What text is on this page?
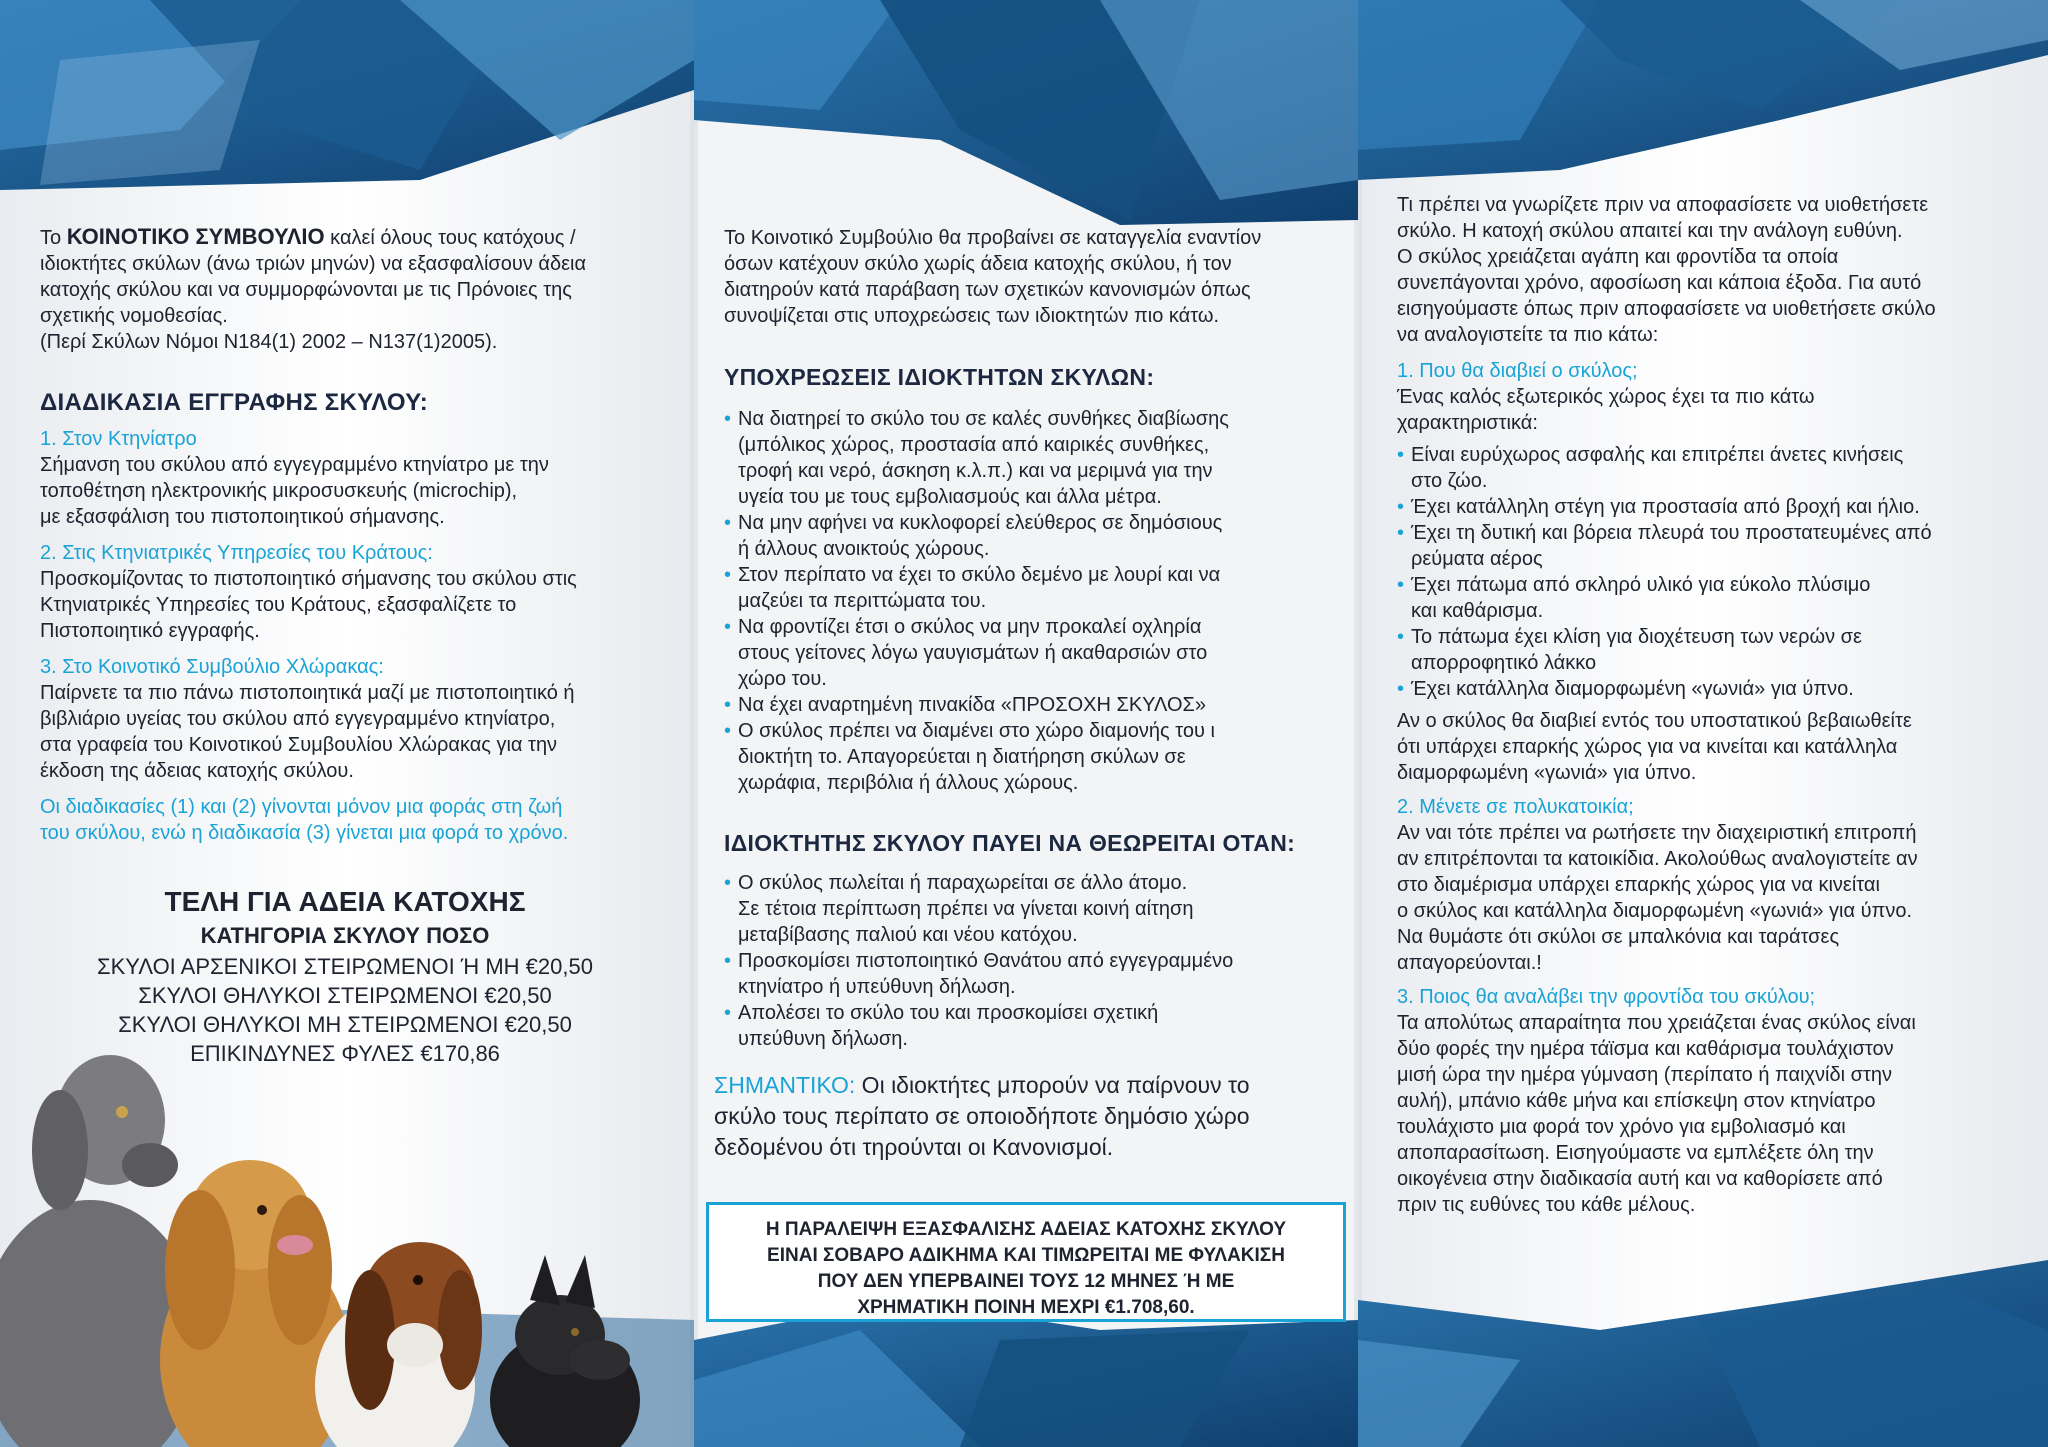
Το ΚΟΙΝΟΤΙΚΟ ΣΥΜΒΟΥΛΙΟ καλεί όλους τους κατόχους /

ιδιοκτήτες σκύλων (άνω τριών μηνών) να εξασφαλίσουν άδεια

κατοχής σκύλου και να συμμορφώνονται με τις Πρόνοιες της

σχετικής νομοθεσίας.

(Περί Σκύλων Νόμοι Ν184(1) 2002 – Ν137(1)2005).

ΔΙΑΔΙΚΑΣΙΑ ΕΓΓΡΑΦΗΣ ΣΚΥΛΟΥ:

1. Στον Κτηνίατρο

Σήμανση του σκύλου από εγγεγραμμένο κτηνίατρο με την

τοποθέτηση ηλεκτρονικής μικροσυσκευής (microchip),

με εξασφάλιση του πιστοποιητικού σήμανσης.

2. Στις Κτηνιατρικές Υπηρεσίες του Κράτους:

Προσκομίζοντας το πιστοποιητικό σήμανσης του σκύλου στις

Κτηνιατρικές Υπηρεσίες του Κράτους, εξασφαλίζετε το

Πιστοποιητικό εγγραφής.

3. Στο Κοινοτικό Συμβούλιο Χλώρακας:

Παίρνετε τα πιο πάνω πιστοποιητικά μαζί με πιστοποιητικό ή

βιβλιάριο υγείας του σκύλου από εγγεγραμμένο κτηνίατρο,

στα γραφεία του Κοινοτικού Συμβουλίου Χλώρακας για την

έκδοση της άδειας κατοχής σκύλου.

Οι διαδικασίες (1) και (2) γίνονται μόνον μια φοράς στη ζωή

του σκύλου, ενώ η διαδικασία (3) γίνεται μια φορά το χρόνο.

ΤΕΛΗ ΓΙΑ ΑΔΕΙΑ ΚΑΤΟΧΗΣ
ΚΑΤΗΓΟΡΙΑ ΣΚΥΛΟΥ ΠΟΣΟ
ΣΚΥΛΟΙ ΑΡΣΕΝΙΚΟΙ ΣΤΕΙΡΩΜΕΝΟΙ Ή ΜΗ €20,50
ΣΚΥΛΟΙ ΘΗΛΥΚΟΙ ΣΤΕΙΡΩΜΕΝΟΙ €20,50
ΣΚΥΛΟΙ ΘΗΛΥΚΟΙ ΜΗ ΣΤΕΙΡΩΜΕΝΟΙ €20,50
ΕΠΙΚΙΝΔΥΝΕΣ ΦΥΛΕΣ €170,86

Το Κοινοτικό Συμβούλιο θα προβαίνει σε καταγγελία εναντίον

όσων κατέχουν σκύλο χωρίς άδεια κατοχής σκύλου, ή τον

διατηρούν κατά παράβαση των σχετικών κανονισμών όπως

συνοψίζεται στις υποχρεώσεις των ιδιοκτητών πιο κάτω.

ΥΠΟΧΡΕΩΣΕΙΣ ΙΔΙΟΚΤΗΤΩΝ ΣΚΥΛΩΝ:
• Να διατηρεί το σκύλο του σε καλές συνθήκες διαβίωσης
(μπόλικος χώρος, προστασία από καιρικές συνθήκες,
τροφή και νερό, άσκηση κ.λ.π.) και να μεριμνά για την
υγεία του με τους εμβολιασμούς και άλλα μέτρα.
• Να μην αφήνει να κυκλοφορεί ελεύθερος σε δημόσιους
ή άλλους ανοικτούς χώρους.
• Στον περίπατο να έχει το σκύλο δεμένο με λουρί και να
μαζεύει τα περιττώματα του.
• Να φροντίζει έτσι ο σκύλος να μην προκαλεί οχληρία
στους γείτονες λόγω γαυγισμάτων ή ακαθαρσιών στο
χώρο του.
• Να έχει αναρτημένη πινακίδα «ΠΡΟΣΟΧΗ ΣΚΥΛΟΣ»
• Ο σκύλος πρέπει να διαμένει στο χώρο διαμονής του ι
διοκτήτη το. Απαγορεύεται η διατήρηση σκύλων σε
χωράφια, περιβόλια ή άλλους χώρους.
ΙΔΙΟΚΤΗΤΗΣ ΣΚΥΛΟΥ ΠΑΥΕΙ ΝΑ ΘΕΩΡΕΙΤΑΙ ΟΤΑΝ:
• Ο σκύλος πωλείται ή παραχωρείται σε άλλο άτομο.
Σε τέτοια περίπτωση πρέπει να γίνεται κοινή αίτηση
μεταβίβασης παλιού και νέου κατόχου.
• Προσκομίσει πιστοποιητικό Θανάτου από εγγεγραμμένο
κτηνίατρο ή υπεύθυνη δήλωση.
• Απολέσει το σκύλο του και προσκομίσει σχετική
υπεύθυνη δήλωση.
ΣΗΜΑΝΤΙΚΟ: Οι ιδιοκτήτες μπορούν να παίρνουν το
σκύλο τους περίπατο σε οποιοδήποτε δημόσιο χώρο
δεδομένου ότι τηρούνται οι Κανονισμοί.
Η ΠΑΡΑΛΕΙΨΗ ΕΞΑΣΦΑΛΙΣΗΣ ΑΔΕΙΑΣ ΚΑΤΟΧΗΣ ΣΚΥΛΟΥ
ΕΙΝΑΙ ΣΟΒΑΡΟ ΑΔΙΚΗΜΑ ΚΑΙ ΤΙΜΩΡΕΙΤΑΙ ΜΕ ΦΥΛΑΚΙΣΗ
ΠΟΥ ΔΕΝ ΥΠΕΡΒΑΙΝΕΙ ΤΟΥΣ 12 ΜΗΝΕΣ Ή ΜΕ
ΧΡΗΜΑΤΙΚΗ ΠΟΙΝΗ ΜΕΧΡΙ €1.708,60.

Τι πρέπει να γνωρίζετε πριν να αποφασίσετε να υιοθετήσετε

σκύλο. Η κατοχή σκύλου απαιτεί και την ανάλογη ευθύνη.

Ο σκύλος χρειάζεται αγάπη και φροντίδα τα οποία

συνεπάγονται χρόνο, αφοσίωση και κάποια έξοδα. Για αυτό

εισηγούμαστε όπως πριν αποφασίσετε να υιοθετήσετε σκύλο

να αναλογιστείτε τα πιο κάτω:

1. Που θα διαβιεί ο σκύλος;

Ένας καλός εξωτερικός χώρος έχει τα πιο κάτω

χαρακτηριστικά:

• Είναι ευρύχωρος ασφαλής και επιτρέπει άνετες κινήσεις
στο ζώο.
• Έχει κατάλληλη στέγη για προστασία από βροχή και ήλιο.
• Έχει τη δυτική και βόρεια πλευρά του προστατευμένες από
ρεύματα αέρος
• Έχει πάτωμα από σκληρό υλικό για εύκολο πλύσιμο
και καθάρισμα.
• Το πάτωμα έχει κλίση για διοχέτευση των νερών σε
απορροφητικό λάκκο
• Έχει κατάλληλα διαμορφωμένη «γωνιά» για ύπνο.

Αν ο σκύλος θα διαβιεί εντός του υποστατικού βεβαιωθείτε

ότι υπάρχει επαρκής χώρος για να κινείται και κατάλληλα

διαμορφωμένη «γωνιά» για ύπνο.

2. Μένετε σε πολυκατοικία;

Αν ναι τότε πρέπει να ρωτήσετε την διαχειριστική επιτροπή

αν επιτρέπονται τα κατοικίδια. Ακολούθως αναλογιστείτε αν

στο διαμέρισμα υπάρχει επαρκής χώρος για να κινείται

ο σκύλος και κατάλληλα διαμορφωμένη «γωνιά» για ύπνο.

Να θυμάστε ότι σκύλοι σε μπαλκόνια και ταράτσες

απαγορεύονται.!

3. Ποιος θα αναλάβει την φροντίδα του σκύλου;

Τα απολύτως απαραίτητα που χρειάζεται ένας σκύλος είναι

δύο φορές την ημέρα τάϊσμα και καθάρισμα τουλάχιστον

μισή ώρα την ημέρα γύμναση (περίπατο ή παιχνίδι στην

αυλή), μπάνιο κάθε μήνα και επίσκεψη στον κτηνίατρο

τουλάχιστο μια φορά τον χρόνο για εμβολιασμό και

αποπαρασίτωση. Εισηγούμαστε να εμπλέξετε όλη την

οικογένεια στην διαδικασία αυτή και να καθορίσετε από

πριν τις ευθύνες του κάθε μέλους.
